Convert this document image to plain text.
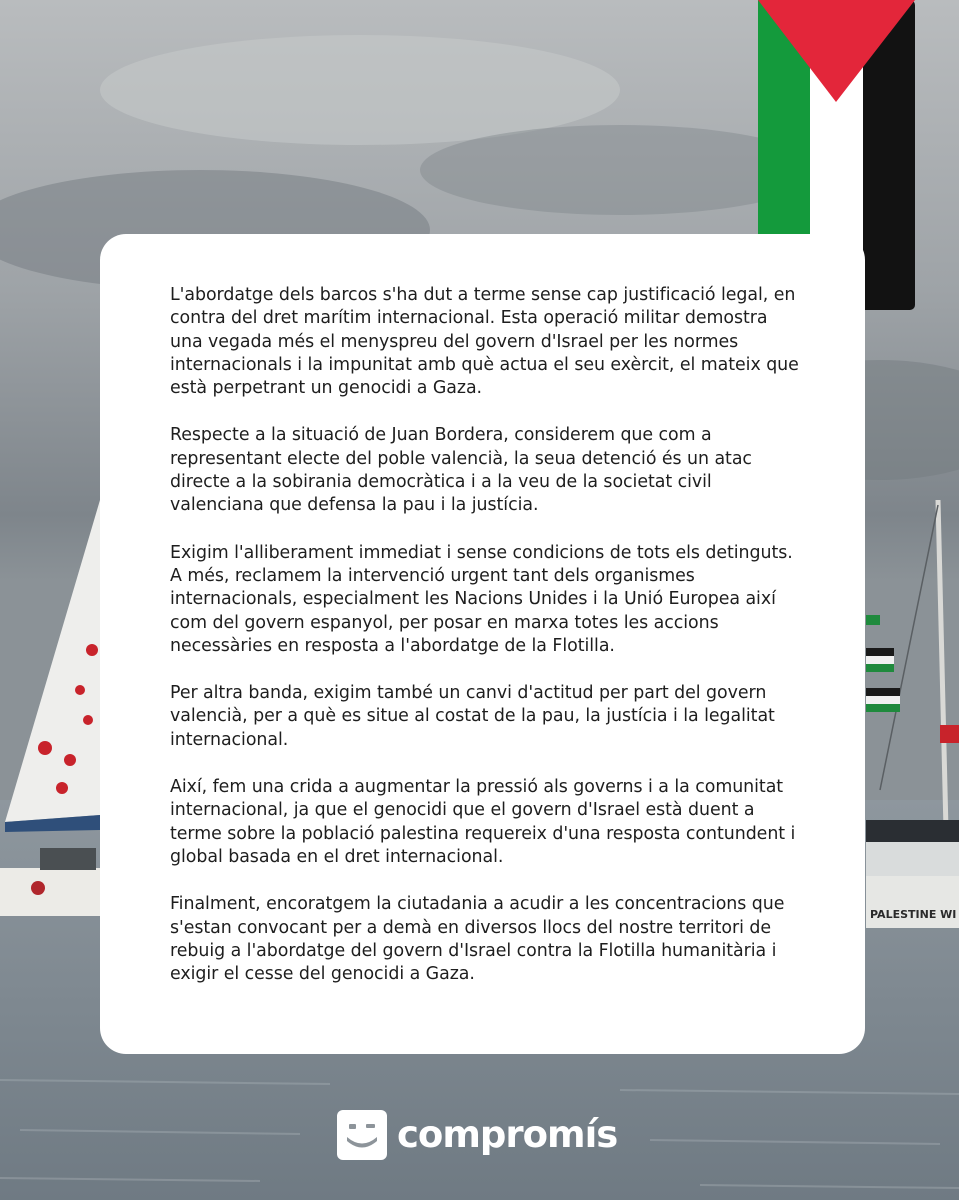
PALESTINE WI

L'abordatge dels barcos s'ha dut a terme sense cap justificació legal, en contra del dret marítim internacional. Esta operació militar demostra una vegada més el menyspreu del govern d'Israel per les normes internacionals i la impunitat amb què actua el seu exèrcit, el mateix que està perpetrant un genocidi a Gaza.

Respecte a la situació de Juan Bordera, considerem que com a representant electe del poble valencià, la seua detenció és un atac directe a la sobirania democràtica i a la veu de la societat civil valenciana que defensa la pau i la justícia.

Exigim l'alliberament immediat i sense condicions de tots els detinguts. A més, reclamem la intervenció urgent tant dels organismes internacionals, especialment les Nacions Unides i la Unió Europea així com del govern espanyol, per posar en marxa totes les accions necessàries en resposta a l'abordatge de la Flotilla.

Per altra banda, exigim també un canvi d'actitud per part del govern valencià, per a què es situe al costat de la pau, la justícia i la legalitat internacional.

Així, fem una crida a augmentar la pressió als governs i a la comunitat internacional, ja que el genocidi que el govern d'Israel està duent a terme sobre la població palestina requereix d'una resposta contundent i global basada en el dret internacional.

Finalment, encoratgem la ciutadania a acudir a les concentracions que s'estan convocant per a demà en diversos llocs del nostre territori de rebuig a l'abordatge del govern d'Israel contra la Flotilla humanitària i exigir el cesse del genocidi a Gaza.

compromís
